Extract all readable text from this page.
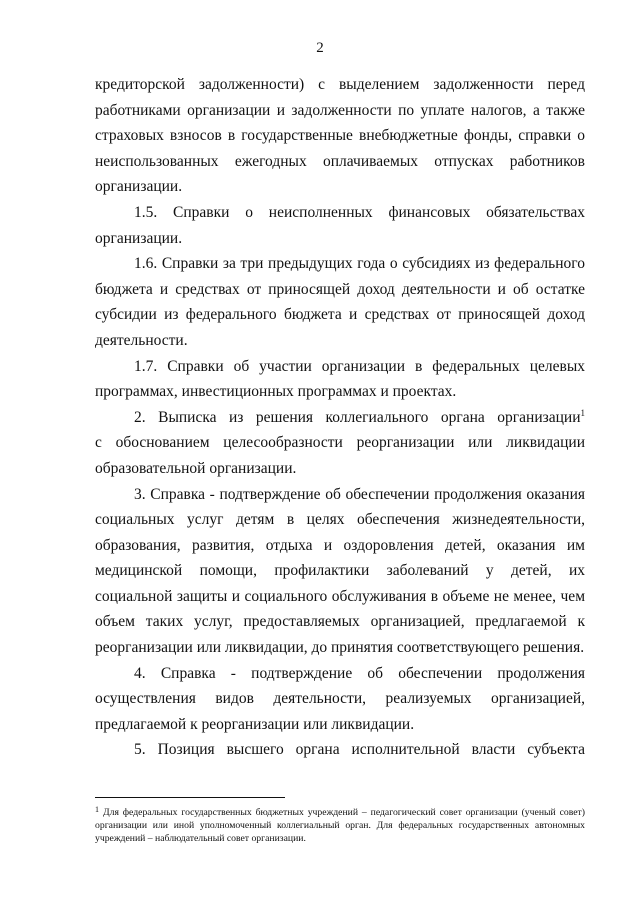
2

кредиторской задолженности) с выделением задолженности перед работниками организации и задолженности по уплате налогов, а также страховых взносов в государственные внебюджетные фонды, справки о неиспользованных ежегодных оплачиваемых отпусках работников организации.

1.5. Справки о неисполненных финансовых обязательствах организации.

1.6. Справки за три предыдущих года о субсидиях из федерального бюджета и средствах от приносящей доход деятельности и об остатке субсидии из федерального бюджета и средствах от приносящей доход деятельности.

1.7. Справки об участии организации в федеральных целевых программах, инвестиционных программах и проектах.

2. Выписка из решения коллегиального органа организации$^1$

с обоснованием целесообразности реорганизации или ликвидации образовательной организации.

3. Справка - подтверждение об обеспечении продолжения оказания социальных услуг детям в целях обеспечения жизнедеятельности, образования, развития, отдыха и оздоровления детей, оказания им медицинской помощи, профилактики заболеваний у детей, их социальной защиты и социального обслуживания в объеме не менее, чем объем таких услуг, предоставляемых организацией, предлагаемой к реорганизации или ликвидации, до принятия соответствующего решения.

4. Справка - подтверждение об обеспечении продолжения осуществления видов деятельности, реализуемых организацией, предлагаемой к реорганизации или ликвидации.

5. Позиция высшего органа исполнительной власти субъекта

$^1$ Для федеральных государственных бюджетных учреждений – педагогический совет организации (ученый совет) организации или иной уполномоченный коллегиальный орган. Для федеральных государственных автономных учреждений – наблюдательный совет организации.
